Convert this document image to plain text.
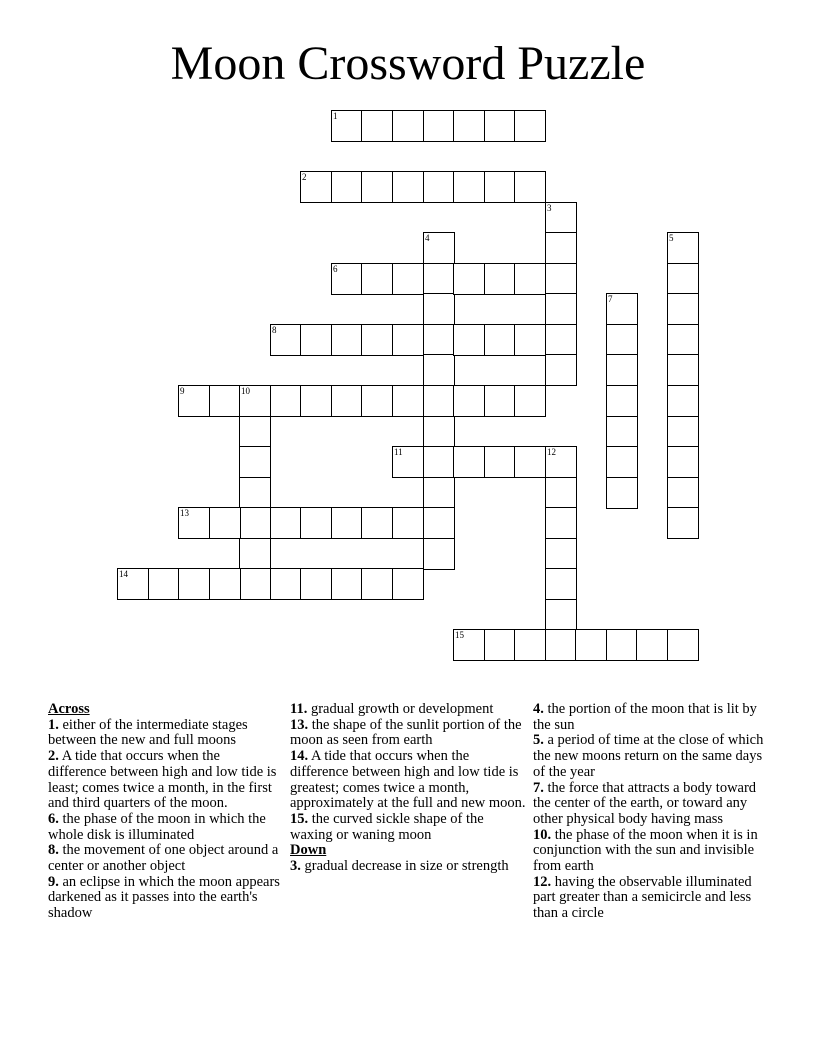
Moon Crossword Puzzle
1
2
3
4	5
6
7
8
9	10
11	12
13
14
15
Across

1. either of the intermediate stages between the new and full moons

2. A tide that occurs when the difference between high and low tide is least; comes twice a month, in the first and third quarters of the moon.

6. the phase of the moon in which the whole disk is illuminated

8. the movement of one object around a center or another object

9. an eclipse in which the moon appears darkened as it passes into the earth's shadow

11. gradual growth or development

13. the shape of the sunlit portion of the moon as seen from earth

14. A tide that occurs when the difference between high and low tide is greatest; comes twice a month, approximately at the full and new moon.

15. the curved sickle shape of the waxing or waning moon

Down

3. gradual decrease in size or strength

4. the portion of the moon that is lit by the sun

5. a period of time at the close of which the new moons return on the same days of the year

7. the force that attracts a body toward the center of the earth, or toward any other physical body having mass

10. the phase of the moon when it is in conjunction with the sun and invisible from earth

12. having the observable illuminated part greater than a semicircle and less than a circle
